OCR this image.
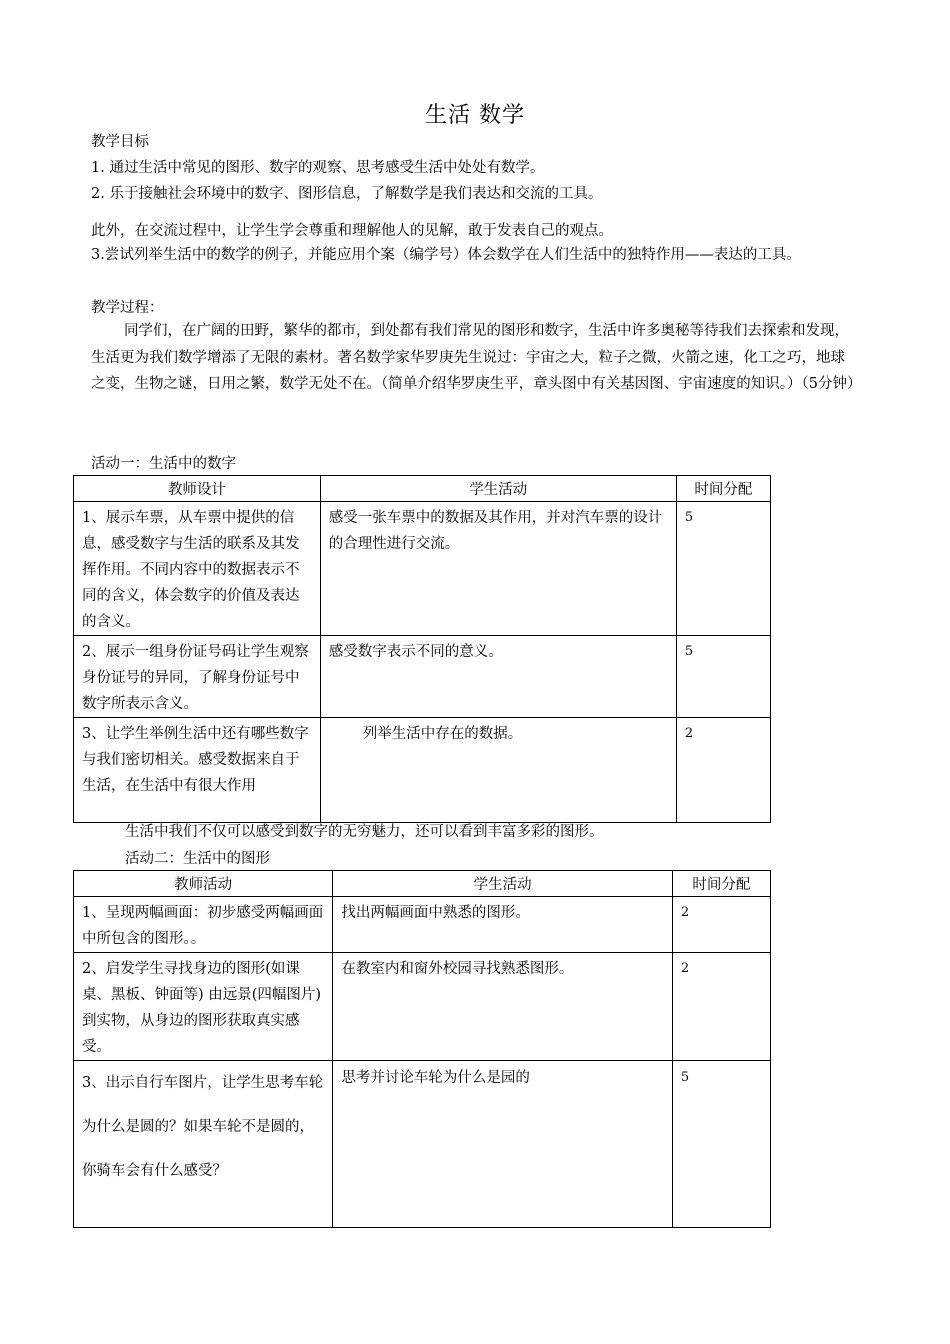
生活 数学
教学目标
1. 通过生活中常见的图形、数字的观察、思考感受生活中处处有数学。
2. 乐于接触社会环境中的数字、图形信息，了解数学是我们表达和交流的工具。
此外，在交流过程中，让学生学会尊重和理解他人的见解，敢于发表自己的观点。
3.尝试列举生活中的数学的例子，并能应用个案（编学号）体会数学在人们生活中的独特作用——表达的工具。
教学过程：
同学们，在广阔的田野，繁华的都市，到处都有我们常见的图形和数字，生活中许多奥秘等待我们去探索和发现，生活更为我们数学增添了无限的素材。著名数学家华罗庚先生说过：宇宙之大，粒子之微，火箭之速，化工之巧，地球之变，生物之谜，日用之繁，数学无处不在。（简单介绍华罗庚生平，章头图中有关基因图、宇宙速度的知识。）（5分钟）
活动一：生活中的数字
教师设计	学生活动	时间分配
1、展示车票，从车票中提供的信息，感受数字与生活的联系及其发挥作用。不同内容中的数据表示不同的含义，体会数字的价值及表达的含义。	感受一张车票中的数据及其作用，并对汽车票的设计的合理性进行交流。	5
2、展示一组身份证号码让学生观察身份证号的异同，了解身份证号中数字所表示含义。	感受数字表示不同的意义。	5
3、让学生举例生活中还有哪些数字与我们密切相关。感受数据来自于生活，在生活中有很大作用	列举生活中存在的数据。	2
生活中我们不仅可以感受到数字的无穷魅力，还可以看到丰富多彩的图形。
活动二：生活中的图形
教师活动	学生活动	时间分配
1、呈现两幅画面：初步感受两幅画面中所包含的图形。。	找出两幅画面中熟悉的图形。	2
2、启发学生寻找身边的图形(如课桌、黑板、钟面等) 由远景(四幅图片)到实物，从身边的图形获取真实感受。	在教室内和窗外校园寻找熟悉图形。	2
3、出示自行车图片，让学生思考车轮为什么是圆的？如果车轮不是圆的，你骑车会有什么感受？	思考并讨论车轮为什么是园的	5
